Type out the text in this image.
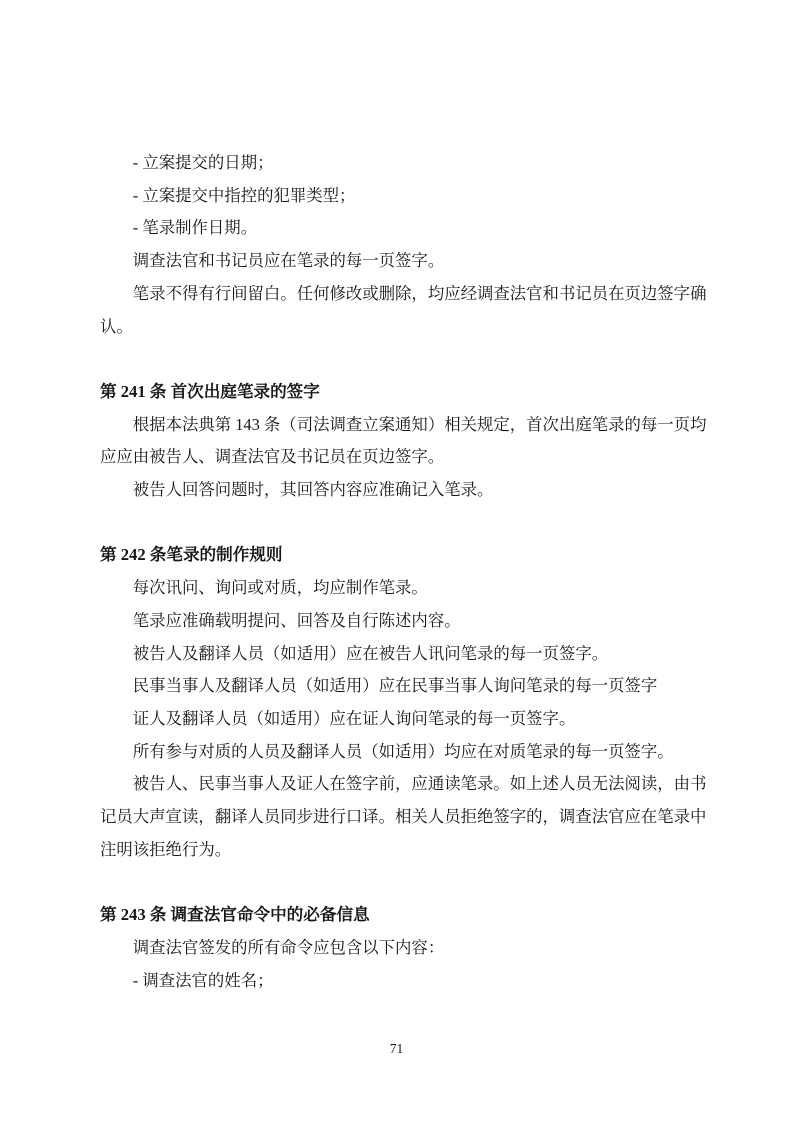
- 立案提交的日期；

- 立案提交中指控的犯罪类型；

- 笔录制作日期。

调查法官和书记员应在笔录的每一页签字。

笔录不得有行间留白。任何修改或删除，均应经调查法官和书记员在页边签字确认。

第 241 条 首次出庭笔录的签字

根据本法典第 143 条（司法调查立案通知）相关规定，首次出庭笔录的每一页均应应由被告人、调查法官及书记员在页边签字。

被告人回答问题时，其回答内容应准确记入笔录。

第 242 条笔录的制作规则

每次讯问、询问或对质，均应制作笔录。

笔录应准确载明提问、回答及自行陈述内容。

被告人及翻译人员（如适用）应在被告人讯问笔录的每一页签字。

民事当事人及翻译人员（如适用）应在民事当事人询问笔录的每一页签字

证人及翻译人员（如适用）应在证人询问笔录的每一页签字。

所有参与对质的人员及翻译人员（如适用）均应在对质笔录的每一页签字。

被告人、民事当事人及证人在签字前，应通读笔录。如上述人员无法阅读，由书记员大声宣读，翻译人员同步进行口译。相关人员拒绝签字的，调查法官应在笔录中注明该拒绝行为。

第 243 条 调查法官命令中的必备信息

调查法官签发的所有命令应包含以下内容：

- 调查法官的姓名；

71
